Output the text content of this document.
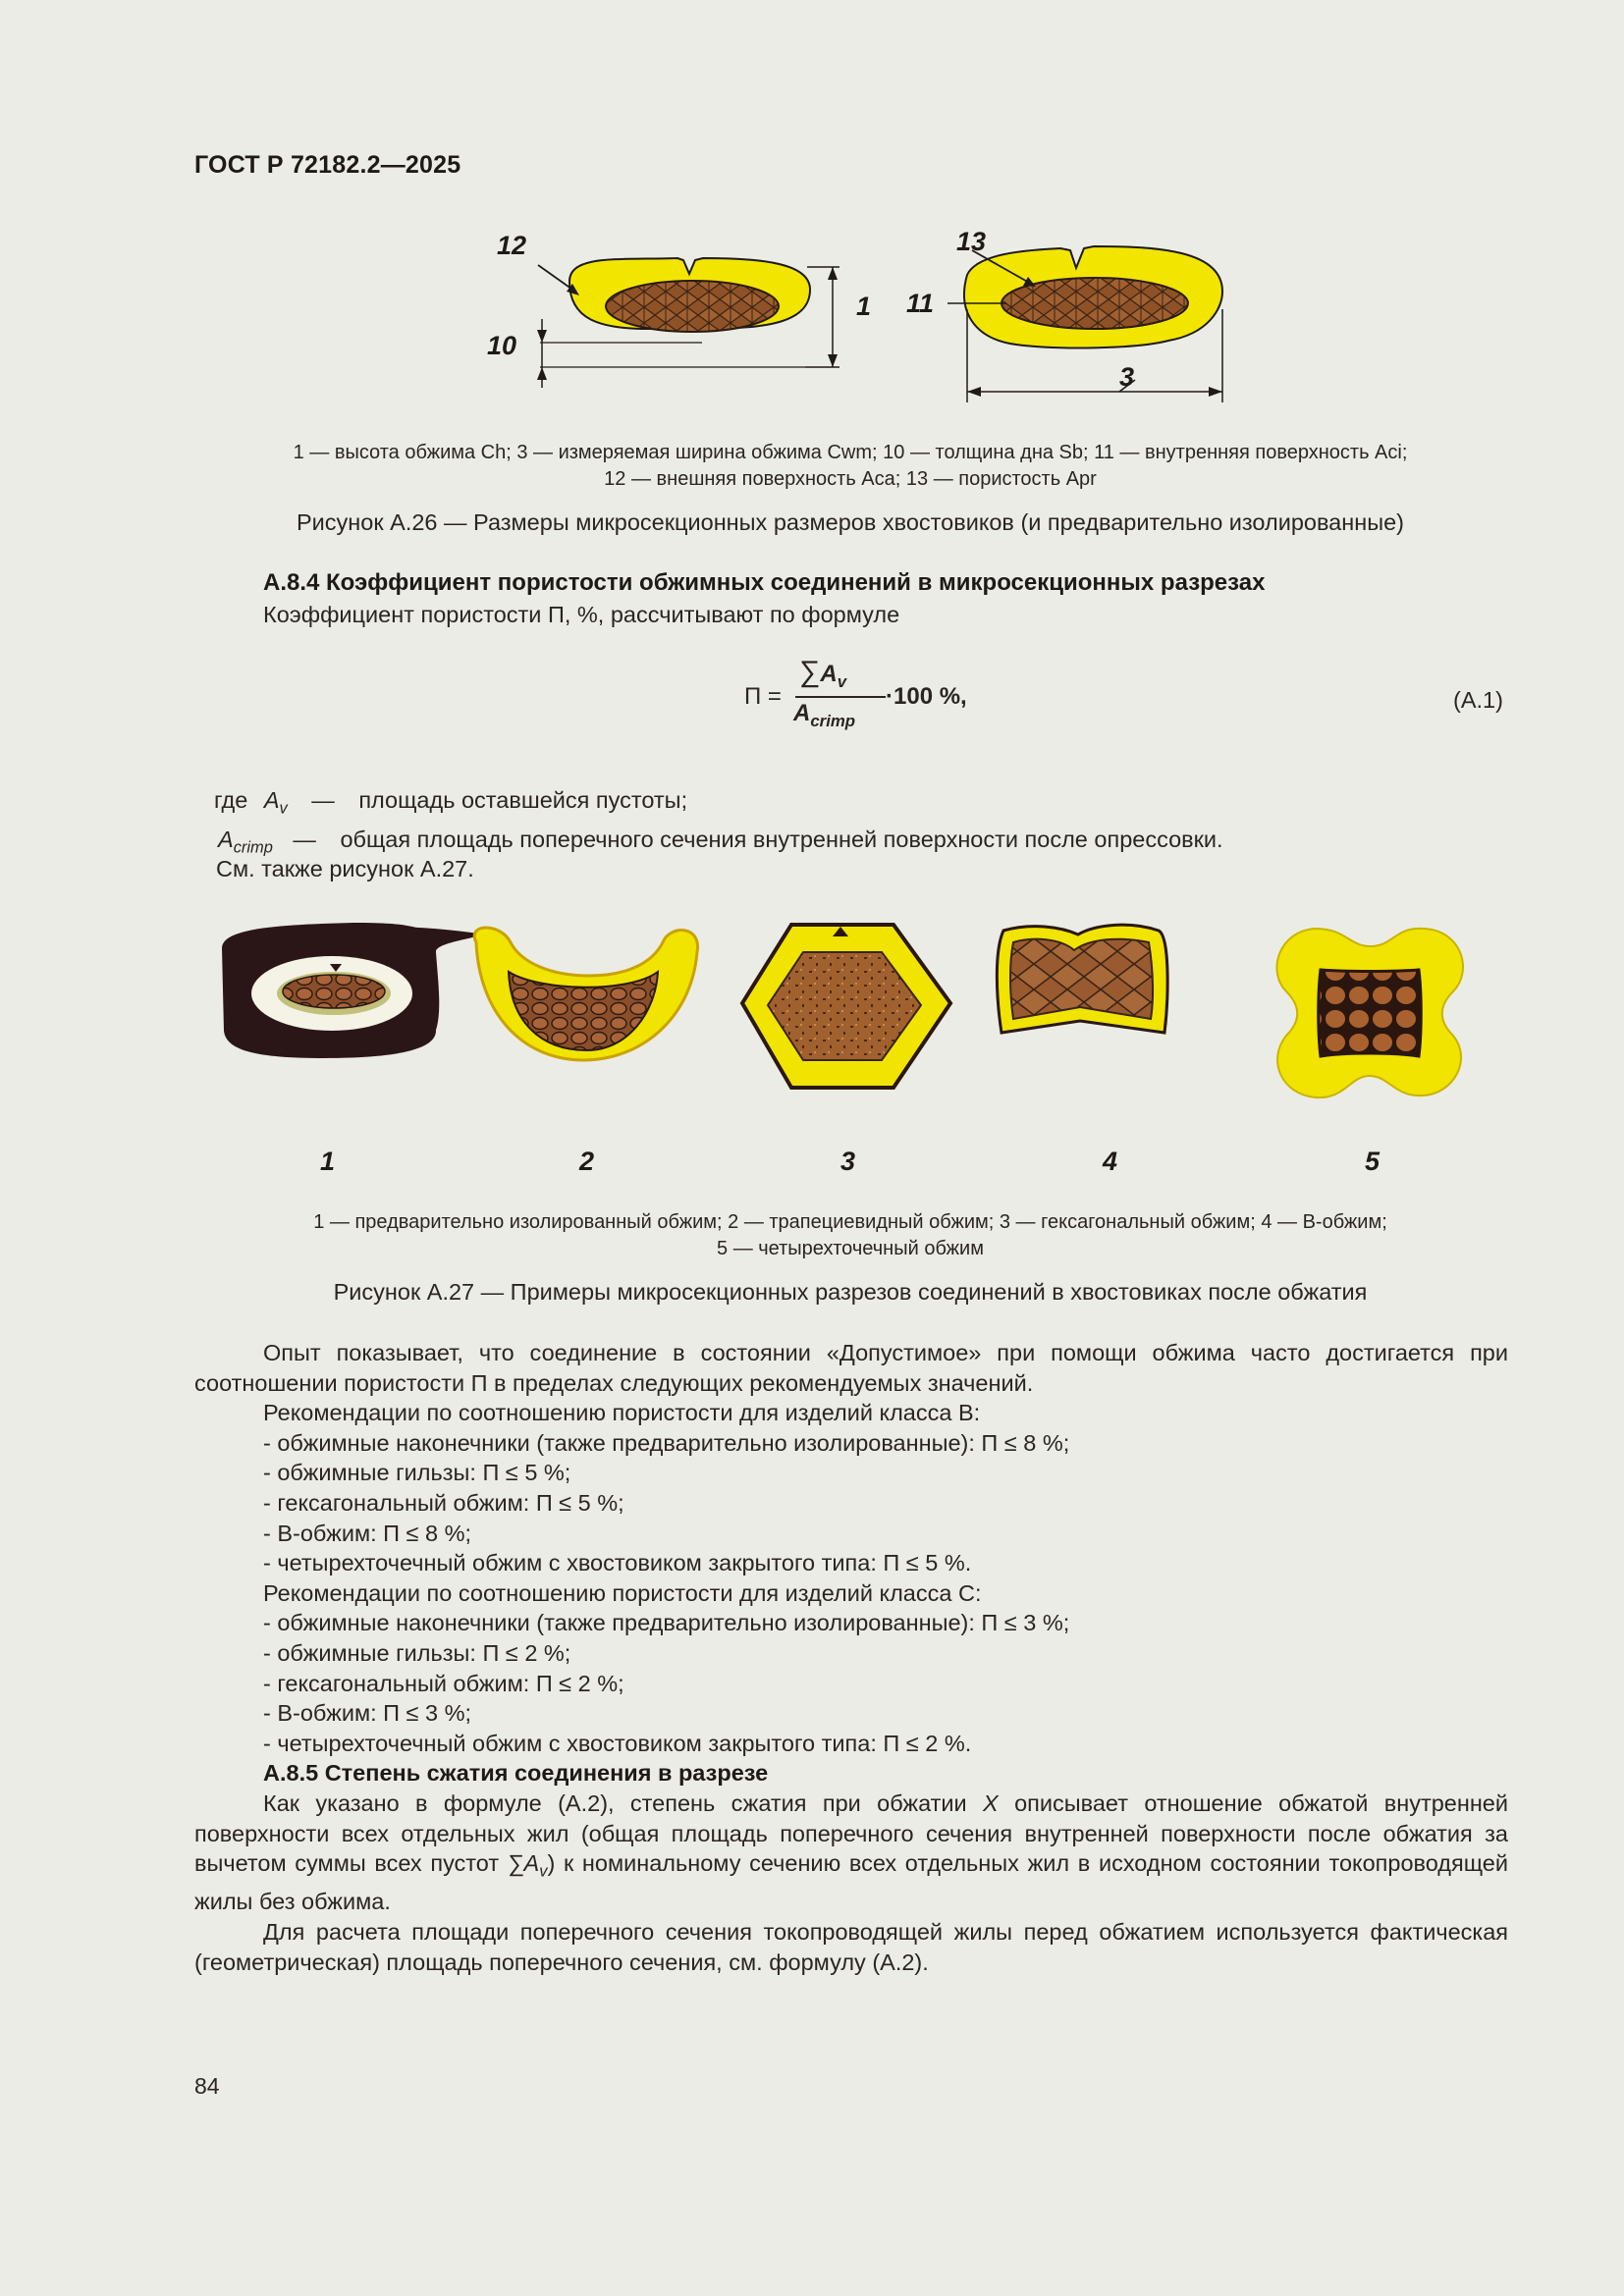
ГОСТ Р 72182.2—2025
12
1
10
13
11
3
1 — высота обжима Ch; 3 — измеряемая ширина обжима Cwm; 10 — толщина дна Sb; 11 — внутренняя поверхность Aci;
12 — внешняя поверхность Aca; 13 — пористость Apr
Рисунок А.26 — Размеры микросекционных размеров хвостовиков (и предварительно изолированные)
А.8.4 Коэффициент пористости обжимных соединений в микросекционных разрезах
Коэффициент пористости П, %, рассчитывают по формуле
П =
$\sum A_v$
$A_{crimp}$
·100 %,	(А.1)
где $A_v$ — площадь оставшейся пустоты;
$A_{crimp}$ — общая площадь поперечного сечения внутренней поверхности после опрессовки.
См. также рисунок А.27.
1	2	3	4	5
1 — предварительно изолированный обжим; 2 — трапециевидный обжим; 3 — гексагональный обжим; 4 — В-обжим;
5 — четырехточечный обжим
Рисунок А.27 — Примеры микросекционных разрезов соединений в хвостовиках после обжатия

Опыт показывает, что соединение в состоянии «Допустимое» при помощи обжима часто достигается при соотношении пористости П в пределах следующих рекомендуемых значений.

Рекомендации по соотношению пористости для изделий класса В:

- обжимные наконечники (также предварительно изолированные): П ≤ 8 %;

- обжимные гильзы: П ≤ 5 %;

- гексагональный обжим: П ≤ 5 %;

- В-обжим: П ≤ 8 %;

- четырехточечный обжим с хвостовиком закрытого типа: П ≤ 5 %.

Рекомендации по соотношению пористости для изделий класса С:

- обжимные наконечники (также предварительно изолированные): П ≤ 3 %;

- обжимные гильзы: П ≤ 2 %;

- гексагональный обжим: П ≤ 2 %;

- В-обжим: П ≤ 3 %;

- четырехточечный обжим с хвостовиком закрытого типа: П ≤ 2 %.

А.8.5 Степень сжатия соединения в разрезе

Как указано в формуле (А.2), степень сжатия при обжатии X описывает отношение обжатой внутренней поверхности всех отдельных жил (общая площадь поперечного сечения внутренней поверхности после обжатия за вычетом суммы всех пустот $\sum A_v$) к номинальному сечению всех отдельных жил в исходном состоянии токопроводящей жилы без обжима.

Для расчета площади поперечного сечения токопроводящей жилы перед обжатием используется фактическая (геометрическая) площадь поперечного сечения, см. формулу (А.2).

84
